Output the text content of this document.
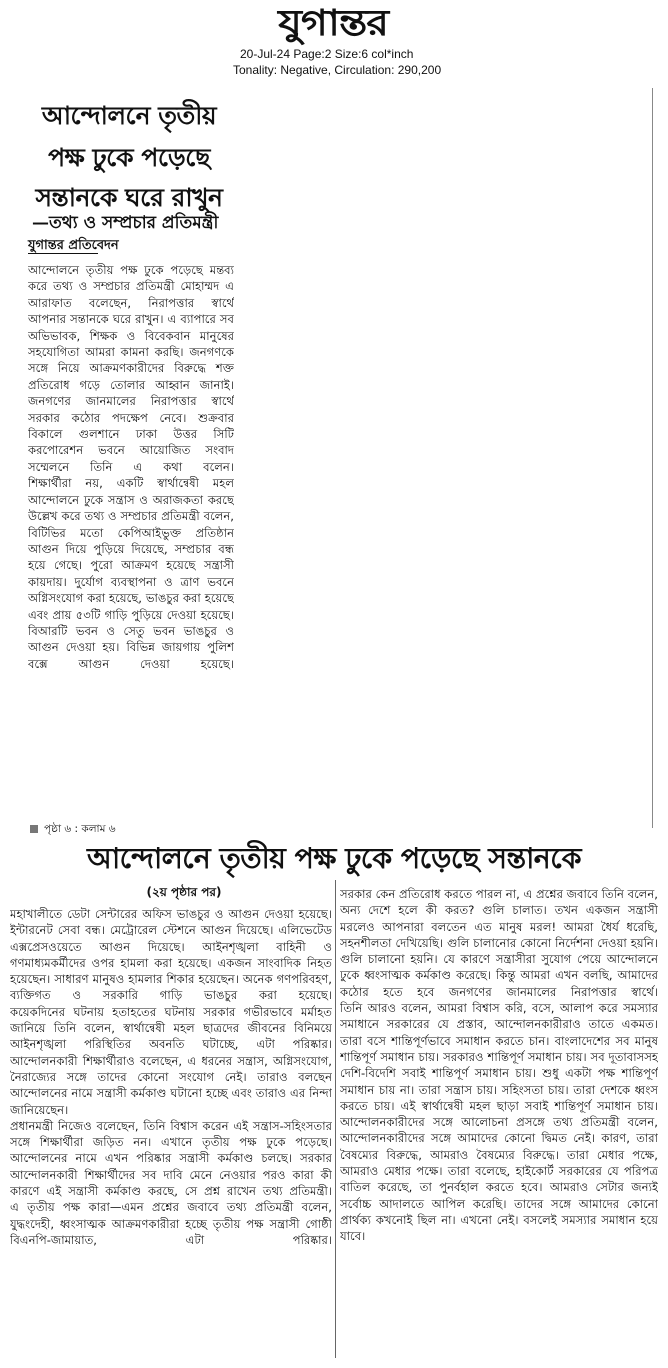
যুগান্তর
20-Jul-24 Page:2 Size:6 col*inch
Tonality: Negative, Circulation: 290,200
আন্দোলনে তৃতীয়
পক্ষ ঢুকে পড়েছে
সন্তানকে ঘরে রাখুন
—তথ্য ও সম্প্রচার প্রতিমন্ত্রী
যুগান্তর প্রতিবেদন

আন্দোলনে তৃতীয় পক্ষ ঢুকে পড়েছে মন্তব্য করে তথ্য ও সম্প্রচার প্রতিমন্ত্রী মোহাম্মদ এ আরাফাত বলেছেন, নিরাপত্তার স্বার্থে আপনার সন্তানকে ঘরে রাখুন। এ ব্যাপারে সব অভিভাবক, শিক্ষক ও বিবেকবান মানুষের সহযোগিতা আমরা কামনা করছি। জনগণকে সঙ্গে নিয়ে আক্রমণকারীদের বিরুদ্ধে শক্ত প্রতিরোধ গড়ে তোলার আহ্বান জানাই। জনগণের জানমালের নিরাপত্তার স্বার্থে সরকার কঠোর পদক্ষেপ নেবে। শুক্রবার বিকালে গুলশানে ঢাকা উত্তর সিটি করপোরেশন ভবনে আয়োজিত সংবাদ সম্মেলনে তিনি এ কথা বলেন।

শিক্ষার্থীরা নয়, একটি স্বার্থান্বেষী মহল আন্দোলনে ঢুকে সন্ত্রাস ও অরাজকতা করছে উল্লেখ করে তথ্য ও সম্প্রচার প্রতিমন্ত্রী বলেন, বিটিভির মতো কেপিআইভুক্ত প্রতিষ্ঠান আগুন দিয়ে পুড়িয়ে দিয়েছে, সম্প্রচার বন্ধ হয়ে গেছে। পুরো আক্রমণ হয়েছে সন্ত্রাসী কায়দায়। দুর্যোগ ব্যবস্থাপনা ও ত্রাণ ভবনে অগ্নিসংযোগ করা হয়েছে, ভাঙচুর করা হয়েছে এবং প্রায় ৫৩টি গাড়ি পুড়িয়ে দেওয়া হয়েছে। বিআরটি ভবন ও সেতু ভবন ভাঙচুর ও আগুন দেওয়া হয়। বিভিন্ন জায়গায় পুলিশ বক্সে আগুন দেওয়া হয়েছে।

পৃষ্ঠা ৬ : কলাম ৬
আন্দোলনে তৃতীয় পক্ষ ঢুকে পড়েছে সন্তানকে
(২য় পৃষ্ঠার পর)

মহাখালীতে ডেটা সেন্টারের অফিস ভাঙচুর ও আগুন দেওয়া হয়েছে। ইন্টারনেট সেবা বন্ধ। মেট্রোরেল স্টেশনে আগুন দিয়েছে। এলিভেটেড এক্সপ্রেসওয়েতে আগুন দিয়েছে। আইনশৃঙ্খলা বাহিনী ও গণমাধ্যমকর্মীদের ওপর হামলা করা হয়েছে। একজন সাংবাদিক নিহত হয়েছেন। সাধারণ মানুষও হামলার শিকার হয়েছেন। অনেক গণপরিবহণ, ব্যক্তিগত ও সরকারি গাড়ি ভাঙচুর করা হয়েছে।

কয়েকদিনের ঘটনায় হতাহতের ঘটনায় সরকার গভীরভাবে মর্মাহত জানিয়ে তিনি বলেন, স্বার্থান্বেষী মহল ছাত্রদের জীবনের বিনিময়ে আইনশৃঙ্খলা পরিস্থিতির অবনতি ঘটাচ্ছে, এটা পরিষ্কার। আন্দোলনকারী শিক্ষার্থীরাও বলেছেন, এ ধরনের সন্ত্রাস, অগ্নিসংযোগ, নৈরাজ্যের সঙ্গে তাদের কোনো সংযোগ নেই। তারাও বলছেন আন্দোলনের নামে সন্ত্রাসী কর্মকাণ্ড ঘটানো হচ্ছে এবং তারাও এর নিন্দা জানিয়েছেন।

প্রধানমন্ত্রী নিজেও বলেছেন, তিনি বিশ্বাস করেন এই সন্ত্রাস-সহিংসতার সঙ্গে শিক্ষার্থীরা জড়িত নন। এখানে তৃতীয় পক্ষ ঢুকে পড়েছে। আন্দোলনের নামে এখন পরিষ্কার সন্ত্রাসী কর্মকাণ্ড চলছে। সরকার আন্দোলনকারী শিক্ষার্থীদের সব দাবি মেনে নেওয়ার পরও কারা কী কারণে এই সন্ত্রাসী কর্মকাণ্ড করছে, সে প্রশ্ন রাখেন তথ্য প্রতিমন্ত্রী।

এ তৃতীয় পক্ষ কারা—এমন প্রশ্নের জবাবে তথ্য প্রতিমন্ত্রী বলেন, যুদ্ধংদেহী, ধ্বংসাত্মক আক্রমণকারীরা হচ্ছে তৃতীয় পক্ষ সন্ত্রাসী গোষ্ঠী বিএনপি-জামায়াত, এটা পরিষ্কার।

সরকার কেন প্রতিরোধ করতে পারল না, এ প্রশ্নের জবাবে তিনি বলেন, অন্য দেশে হলে কী করত? গুলি চালাত। তখন একজন সন্ত্রাসী মরলেও আপনারা বলতেন এত মানুষ মরল! আমরা ধৈর্য ধরেছি, সহনশীলতা দেখিয়েছি। গুলি চালানোর কোনো নির্দেশনা দেওয়া হয়নি। গুলি চালানো হয়নি। যে কারণে সন্ত্রাসীরা সুযোগ পেয়ে আন্দোলনে ঢুকে ধ্বংসাত্মক কর্মকাণ্ড করেছে। কিন্তু আমরা এখন বলছি, আমাদের কঠোর হতে হবে জনগণের জানমালের নিরাপত্তার স্বার্থে।

তিনি আরও বলেন, আমরা বিশ্বাস করি, বসে, আলাপ করে সমস্যার সমাধানে সরকারের যে প্রস্তাব, আন্দোলনকারীরাও তাতে একমত। তারা বসে শান্তিপূর্ণভাবে সমাধান করতে চান। বাংলাদেশের সব মানুষ শান্তিপূর্ণ সমাধান চায়। সরকারও শান্তিপূর্ণ সমাধান চায়। সব দূতাবাসসহ দেশি-বিদেশি সবাই শান্তিপূর্ণ সমাধান চায়। শুধু একটা পক্ষ শান্তিপূর্ণ সমাধান চায় না। তারা সন্ত্রাস চায়। সহিংসতা চায়। তারা দেশকে ধ্বংস করতে চায়। এই স্বার্থান্বেষী মহল ছাড়া সবাই শান্তিপূর্ণ সমাধান চায়।

আন্দোলনকারীদের সঙ্গে আলোচনা প্রসঙ্গে তথ্য প্রতিমন্ত্রী বলেন, আন্দোলনকারীদের সঙ্গে আমাদের কোনো দ্বিমত নেই। কারণ, তারা বৈষম্যের বিরুদ্ধে, আমরাও বৈষম্যের বিরুদ্ধে। তারা মেধার পক্ষে, আমরাও মেধার পক্ষে। তারা বলেছে, হাইকোর্ট সরকারের যে পরিপত্র বাতিল করেছে, তা পুনর্বহাল করতে হবে। আমরাও সেটার জন্যই সর্বোচ্চ আদালতে আপিল করেছি। তাদের সঙ্গে আমাদের কোনো প্রার্থক্য কখনোই ছিল না। এখনো নেই। বসলেই সমস্যার সমাধান হয়ে যাবে।
